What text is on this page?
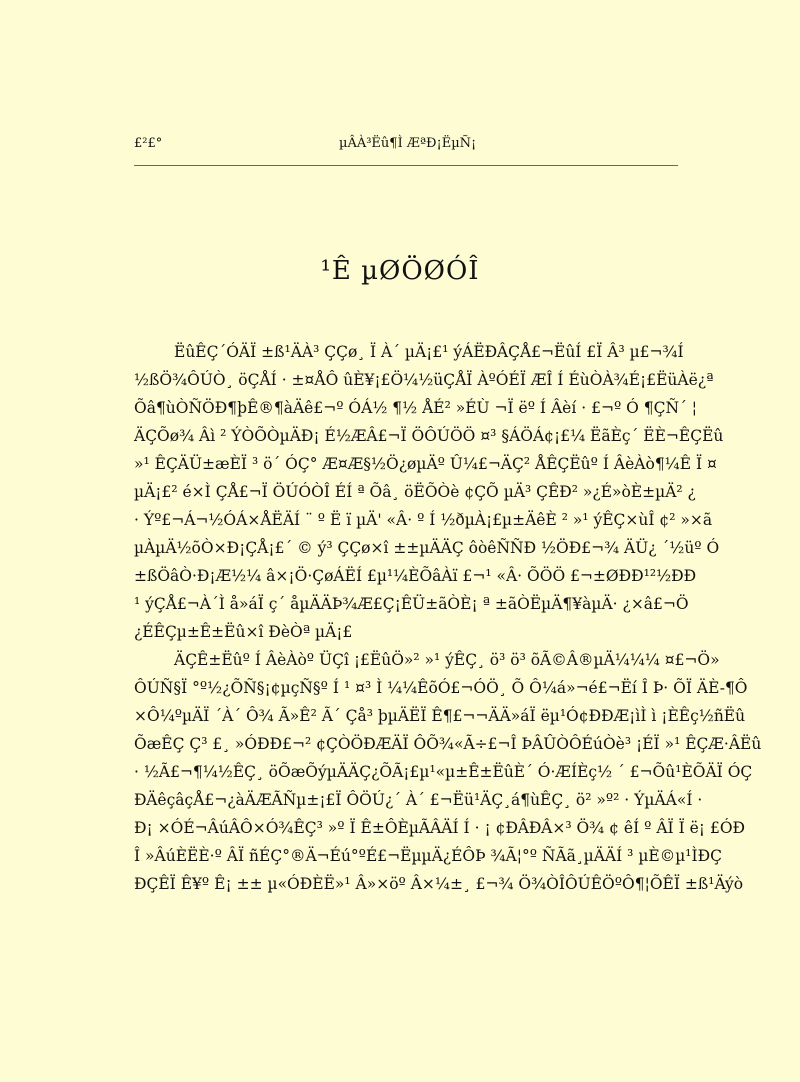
£²£°	µÂÀ³Ëû¶Ì ÆªÐ¡ËµÑ¡
¹Ê µØÖØÓÎ
ËûÊÇ´ÓÄÏ ±ß¹ÄÀ³ ÇÇø¸ Ï À´ µÄ¡£¹ ýÁËÐÂÇÅ£¬ËûÍ £Ï Â³ µ£¬¾Í
½ßÖ¾ÔÚÒ¸ öÇÅÍ · ±¤ÅÔ ûÈ¥¡£Ö¼½üÇÅÏ ÀºÓÉÏ ÆÎ Í ÉùÒÀ¾É¡£ËüÀë¿ª
Õâ¶ùÒÑÖÐ¶þÊ®¶àÄê£¬º ÓÁ½ ¶½ ÅÉ² »ÉÙ ¬Ï ëº Í Âèí · £¬º Ó ¶ÇÑ´ ¦
ÄÇÕø¾ Âì ² ÝÒÕÒµÄÐ¡ É½ÆÂ£¬Ï ÖÔÚÖÖ ¤³ §ÁÖÁ¢¡£¼ ËãÈç´ ËÈ¬ÊÇËû
»¹ ÊÇÄÜ±æÈÏ ³ ö´ ÓÇ° Æ¤Æ§½Ö¿øµÄº Û¼£¬ÄÇ² ÅÊÇËûº Í ÂèÀò¶¼Ê Ï ¤
µÄ¡£² é×Ì ÇÅ£¬Ï ÖÚÓÒÎ ÉÍ ª Õâ¸ öËÕÒè ¢ÇÕ µÄ³ ÇÊÐ² »¿É»òÈ±µÄ² ¿
· Ýº£¬Á¬½ÓÁ×ÅËÄÍ ¨ º Ë ï µÄ' «Â· º Í ½ðµÀ¡£µ±ÄêÈ ² »¹ ýÊÇ×ùÎ ¢² »×ã
µÀµÄ½õÒ×Ð¡ÇÅ¡£´ © ý³ ÇÇø×î ±±µÄÄÇ ôòêÑÑÐ ½ÖÐ£¬¾ ÄÜ¿ ´½üº Ó
±ßÖâÒ·Ð¡Æ½¼ â×¡Ö·ÇøÁËÍ £µ¹¼ÈÕâÀï £¬¹ «Â· ÕÖÖ £¬±ØÐÐ¹²½ÐÐ
¹ ýÇÅ£¬À´Ì å»áÏ ç´ åµÄÄÞ¾Æ£Ç¡ÊÜ±ãÒÈ¡ ª ±ãÒËµÄ¶¥àµÄ· ¿×â£¬Ö
¿ÉÊÇµ±Ê±Ëû×î ÐèÒª µÄ¡£
ÄÇÊ±Ëûº Í ÂèÀòº ÜÇî ¡£ËûÖ»² »¹ ýÊÇ¸ ö³ ö³ õÃ©Â®µÄ¼¼¼ ¤£¬Ö»
ÔÚÑ§Ï °º½¿ÕÑ§¡¢µçÑ§º Í ¹ ¤³ Ì ¼¼ÊõÓ£¬ÓÖ¸ Õ Ô¼á»¬é£¬Ëí Î Þ· ÕÏ ÄÈ-¶Ô
×Ô¼ºµÄÏ ´À´ Ô¾ Ã»Ê² Ã´ Çå³ þµÄËÏ Ê¶£¬¬ÄÄ»áÏ ëµ¹Ó¢ÐÐÆ¡ìÌ ì ¡ÈÊç½ñËû
ÕæÊÇ Ç³ £¸ »ÓÐÐ£¬² ¢ÇÒÖÐÆÄÏ ÔÕ¾«Ã÷£¬Î ÞÂÛÒÔÉúÒè³ ¡ÉÏ »¹ ÊÇÆ·ÂËû
· ½Ã£¬¶¼½ÊÇ¸ öÕæÕýµÄÄÇ¿ÕÃ¡£µ¹«µ±Ê±ËûÈ´ Ó·ÆÍÈç½ ´ £¬Õû¹ÈÕÄÏ ÓÇ
ÐÄêçâçÅ£¬¿àÄÆÃÑµ±¡£Ï ÔÖÚ¿´ À´ £¬Ëü¹ÄÇ¸á¶ùÊÇ¸ ö² »º² · ÝµÄÁ«Í ·
Ð¡ ×ÓÉ¬ÂúÂÔ×Ó¾ÊÇ³ »º Ï Ê±ÔÈµÃÂÄÍ Í · ¡ ¢ÐÂÐÂ×³ Ö¾ ¢ êÍ º ÂÏ Ï ë¡ £ÓÐ
Î »ÂúÈËÈ·º ÂÏ ñÉÇ°®Ä¬Éú°ºÉ£¬ËµµÄ¿ÉÔÞ ¾Ã¦°º ÑÃã¸µÄÄÍ ³ µÈ©µ¹ÌÐÇ
ÐÇÊÏ Ê¥º Ê¡ ±± µ«ÓÐÈË»¹ Â»×öº Â×¼±¸ £¬¾ Ö¾ÒÎÔÚÊÖºÔ¶¦ÕÊÏ ±ß¹Äýò
